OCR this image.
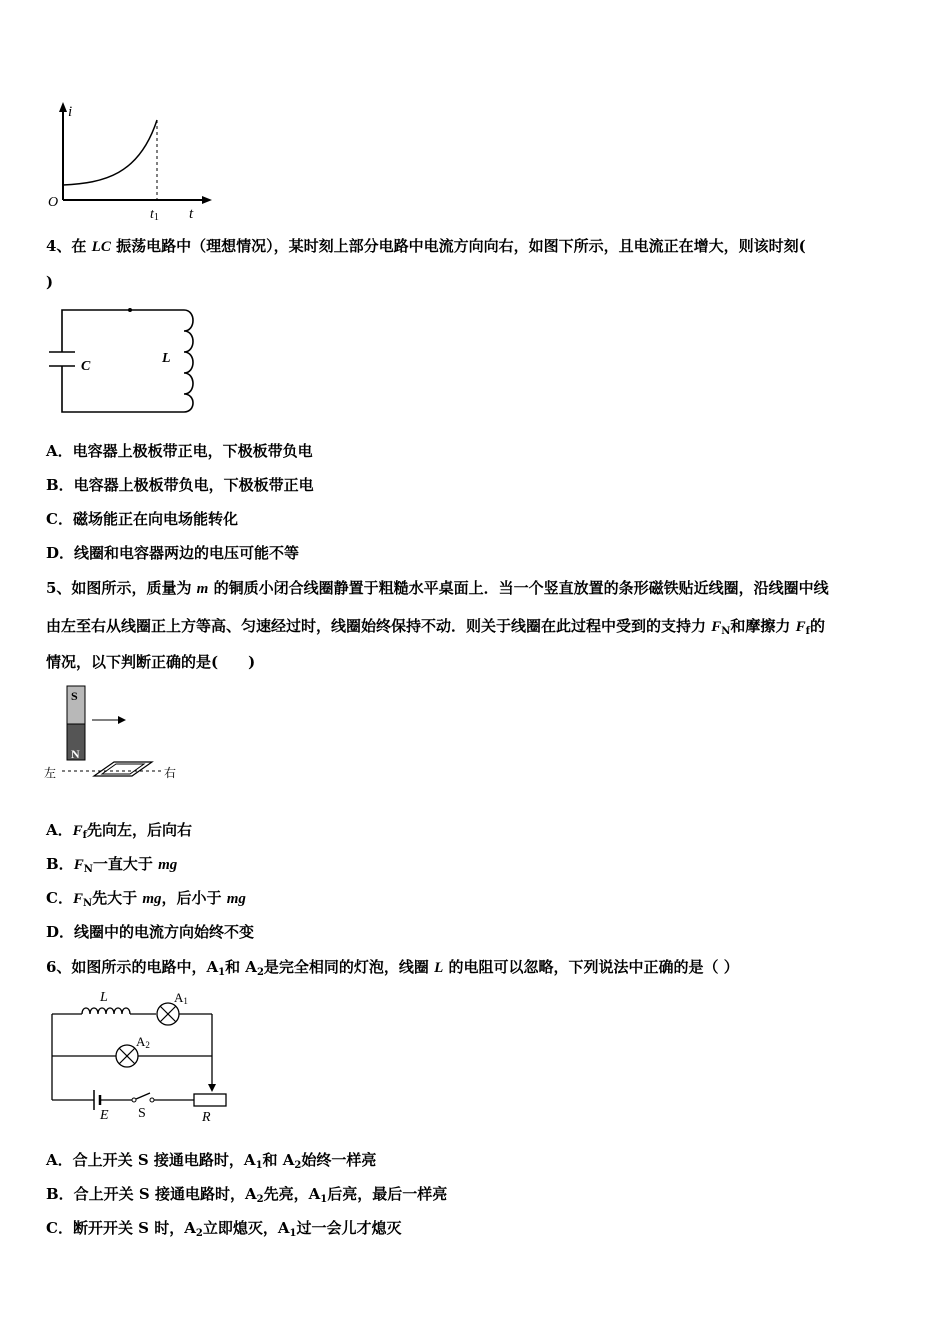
i
t
O
t1
4、在 LC 振荡电路中（理想情况），某时刻上部分电路中电流方向向右，如图下所示，且电流正在增大，则该时刻(
)
C
L
A．电容器上极板带正电，下极板带负电
B．电容器上极板带负电，下极板带正电
C．磁场能正在向电场能转化
D．线圈和电容器两边的电压可能不等
5、如图所示，质量为 m 的铜质小闭合线圈静置于粗糙水平桌面上．当一个竖直放置的条形磁铁贴近线圈，沿线圈中线
由左至右从线圈正上方等高、匀速经过时，线圈始终保持不动．则关于线圈在此过程中受到的支持力 $F_N$和摩擦力 $F_f$的
情况，以下判断正确的是(　　)
S
N
左	右
A．$F_f$先向左，后向右
B．$F_N$一直大于 mg
C．$F_N$先大于 mg，后小于 mg
D．线圈中的电流方向始终不变
6、如图所示的电路中，$A_1$和 $A_2$是完全相同的灯泡，线圈 L 的电阻可以忽略，下列说法中正确的是（ ）
L	A1
A2
E S	R
A．合上开关 S 接通电路时，$A_1$和 $A_2$始终一样亮
B．合上开关 S 接通电路时，$A_2$先亮，$A_1$后亮，最后一样亮
C．断开开关 S 时，$A_2$立即熄灭，$A_1$过一会儿才熄灭
